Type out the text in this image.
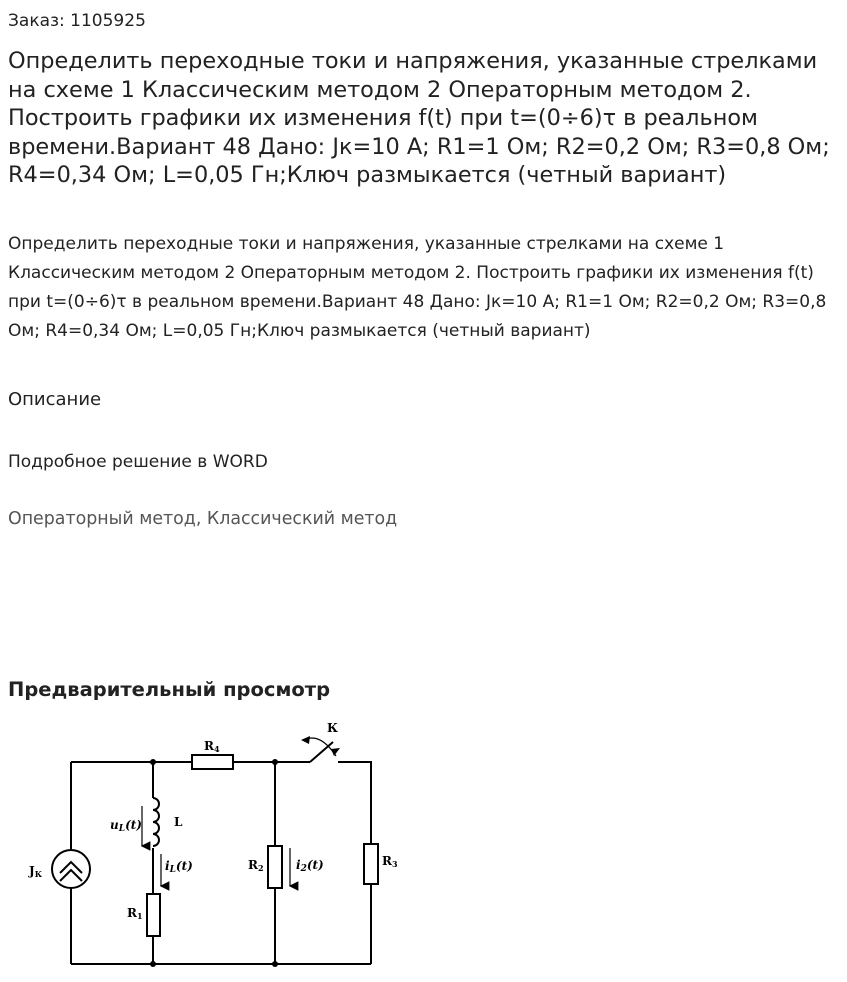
Заказ: 1105925
Определить переходные токи и напряжения, указанные стрелками на схеме 1 Классическим методом 2 Операторным методом 2. Построить графики их изменения f(t) при t=(0÷6)τ в реальном времени.Вариант 48 Дано: Jк=10 А; R1=1 Ом; R2=0,2 Ом; R3=0,8 Ом; R4=0,34 Ом; L=0,05 Гн;Ключ размыкается (четный вариант)

Определить переходные токи и напряжения, указанные стрелками на схеме 1 Классическим методом 2 Операторным методом 2. Построить графики их изменения f(t) при t=(0÷6)τ в реальном времени.Вариант 48 Дано: Jк=10 А; R1=1 Ом; R2=0,2 Ом; R3=0,8 Ом; R4=0,34 Ом; L=0,05 Гн;Ключ размыкается (четный вариант)

Описание
Подробное решение в WORD
Операторный метод, Классический метод
Предварительный просмотр
К
R4
L
uL(t)
iL(t)
JК
R1
R2	i2(t)	R3
